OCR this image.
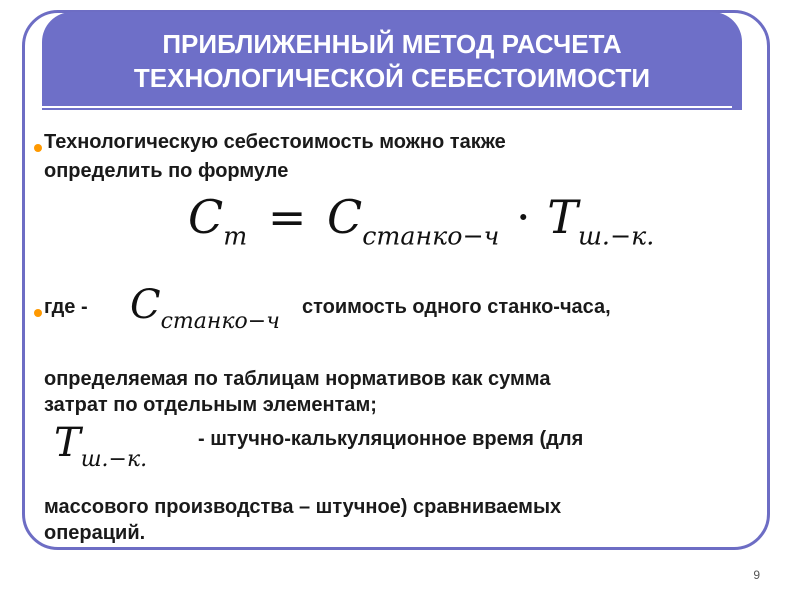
ПРИБЛИЖЕННЫЙ МЕТОД РАСЧЕТА
ТЕХНОЛОГИЧЕСКОЙ СЕБЕСТОИМОСТИ
Технологическую себестоимость можно также
определить по формуле
$C_т = C_{станко-ч} \cdot T_{ш.-к.}$
где - $C_{станко-ч}$
стоимость одного станко-часа,
определяемая по таблицам нормативов как сумма
затрат по отдельным элементам;
$T_{ш.-к.}$
- штучно-калькуляционное время (для
массового производства – штучное) сравниваемых
операций.
9
